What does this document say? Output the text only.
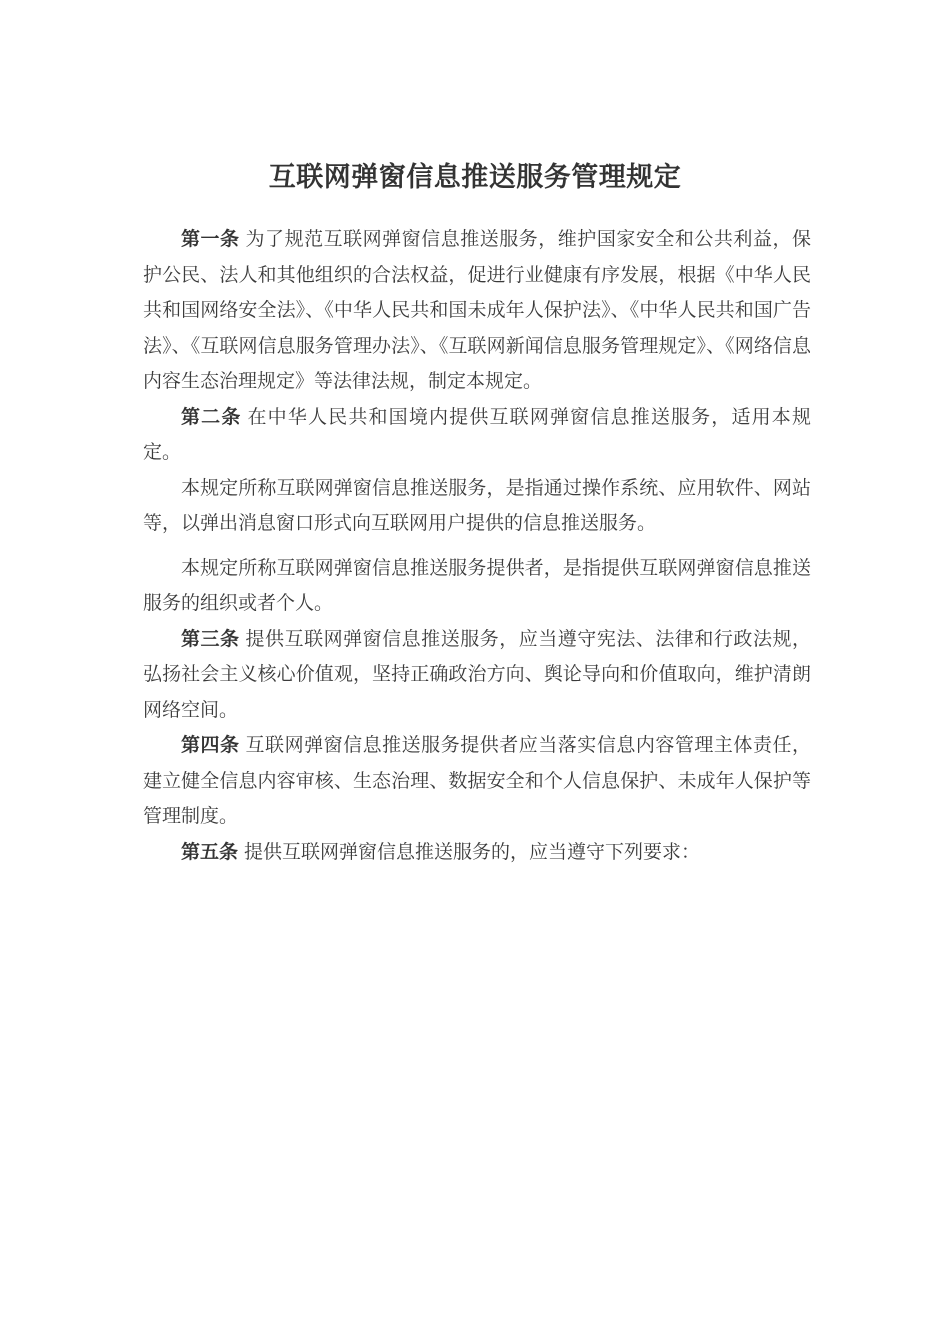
互联网弹窗信息推送服务管理规定

第一条 为了规范互联网弹窗信息推送服务，维护国家安全和公共利益，保护公民、法人和其他组织的合法权益，促进行业健康有序发展，根据《中华人民共和国网络安全法》、《中华人民共和国未成年人保护法》、《中华人民共和国广告法》、《互联网信息服务管理办法》、《互联网新闻信息服务管理规定》、《网络信息内容生态治理规定》等法律法规，制定本规定。

第二条 在中华人民共和国境内提供互联网弹窗信息推送服务，适用本规定。

本规定所称互联网弹窗信息推送服务，是指通过操作系统、应用软件、网站等，以弹出消息窗口形式向互联网用户提供的信息推送服务。

本规定所称互联网弹窗信息推送服务提供者，是指提供互联网弹窗信息推送服务的组织或者个人。

第三条 提供互联网弹窗信息推送服务，应当遵守宪法、法律和行政法规，弘扬社会主义核心价值观，坚持正确政治方向、舆论导向和价值取向，维护清朗网络空间。

第四条 互联网弹窗信息推送服务提供者应当落实信息内容管理主体责任，建立健全信息内容审核、生态治理、数据安全和个人信息保护、未成年人保护等管理制度。

第五条 提供互联网弹窗信息推送服务的，应当遵守下列要求：
